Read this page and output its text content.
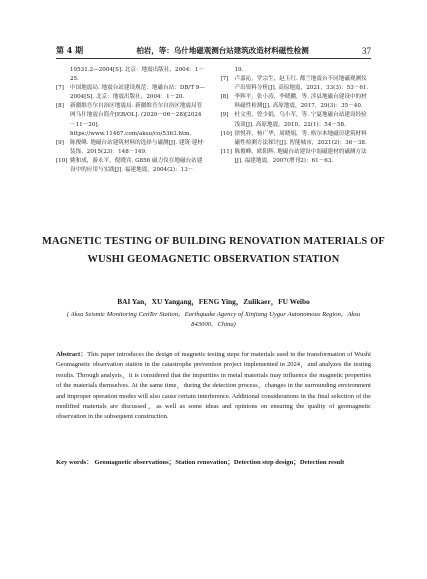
第 4 期	柏岩，等：乌什地磁观测台站建筑改造材料磁性检测	37
19531.2—2004[S]. 北京：地震出版社，2004：1－25.
[7]	中国地震局. 地震台站建设规范：地磁台站：DB/T 9—2004[S]. 北京：地震出版社，2004：1－20.
[8]	新疆维吾尔自治区地震局. 新疆维吾尔自治区地震局管网乌什地震台简介[EB/OL]. (2020－06－28)[2024－11－20]. https://www.11467.com/aksu/co/5363.htm.
[9]	陈俊峰. 地磁台站建筑材料的选择与磁测[J]. 建筑·建材·装饰，2015(23)：148－149.
[10] 姚和成，游永平，倪晓宾. G856 磁力仪在地磁台站建设中的应用与实践[J]. 福建地震，2004(2)：13－
19.
[7]	卢嘉沁，罗宗生，赵玉红. 都兰地震台不同地磁观测仪产出资料分析[J]. 高原地震，2021，33(3)：53－61.
[8]	李辉平，张小涛，李晓鹏，等. 涉县地磁台建设中的材料磁性检测[J]. 高原地震，2017，29(3)：35－40.
[9]	杜文勇，曾少娟，乌小军，等. 宁夏地磁台站建设经验浅谈[J]. 高原地震，2010，22(1)：54－58.
[10] 徐悦祥，杨广华，周晓娟，等. 格尔木地磁房建筑材料磁性检测方法探讨[J]. 智能城市，2021(2)：36－38.
[11] 陈俊峰，欧阳辉. 地磁台站建设中弱磁建材的磁测方法[J]. 福建地震，2007(增刊2)：61－63.
MAGNETIC TESTING OF BUILDING RENOVATION MATERIALS OF WUSHI GEOMAGNETIC OBSERVATION STATION
BAI Yan，XU Yangang，FENG Ying，Zulikaer，FU Weibo
( Aksu Seismic Monitoring CenTer Station，Earthquake Agency of Xinjiang Uygur Autonomous Region，Aksu 843000，China)
Abstract：This paper introduces the design of magnetic testing steps for materials used in the transformation of Wushi Geomagnetic observation station in the catastrophe prevention project implemented in 2024，and analyzes the testing results. Through analysis，it is considered that the impurities in metal materials may influence the magnetic properties of the materials themselves. At the same time，during the detection process，changes in the surrounding environment and improper operation modes will also cause certain interference. Additional considerations in the final selection of the modified materials are discussed，as well as some ideas and opinions on ensuring the quality of geomagnetic observation in the subsequent construction.
Key words： Geomagnetic observations；Station renovation；Detection step design；Detection result
